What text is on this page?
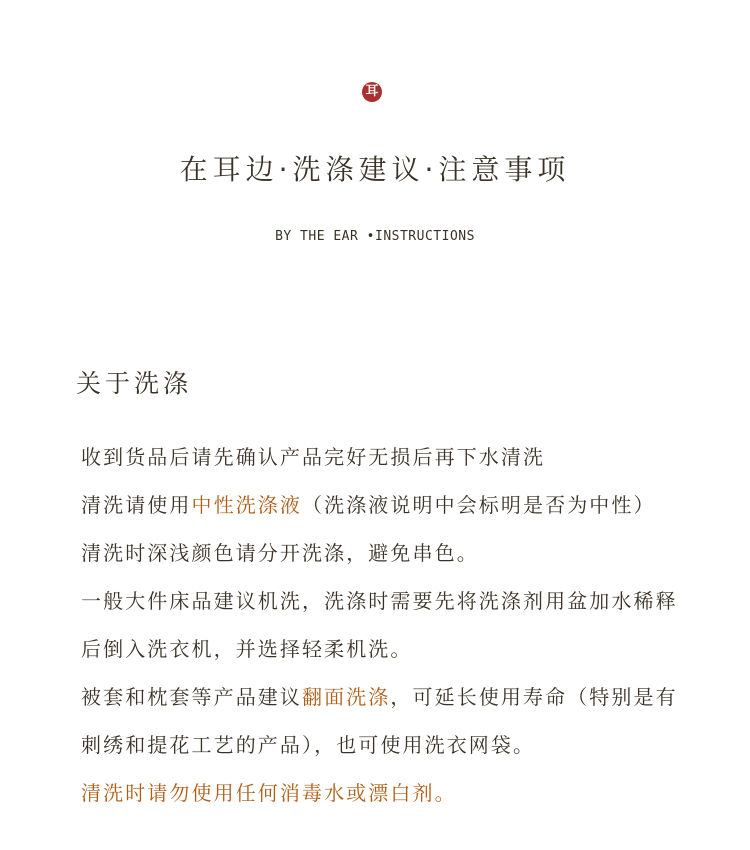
耳
在耳边·洗涤建议·注意事项
BY THE EAR •INSTRUCTIONS
关于洗涤
收到货品后请先确认产品完好无损后再下水清洗
清洗请使用中性洗涤液（洗涤液说明中会标明是否为中性）
清洗时深浅颜色请分开洗涤，避免串色。
一般大件床品建议机洗，洗涤时需要先将洗涤剂用盆加水稀释
后倒入洗衣机，并选择轻柔机洗。
被套和枕套等产品建议翻面洗涤，可延长使用寿命（特别是有
刺绣和提花工艺的产品），也可使用洗衣网袋。
清洗时请勿使用任何消毒水或漂白剂。
